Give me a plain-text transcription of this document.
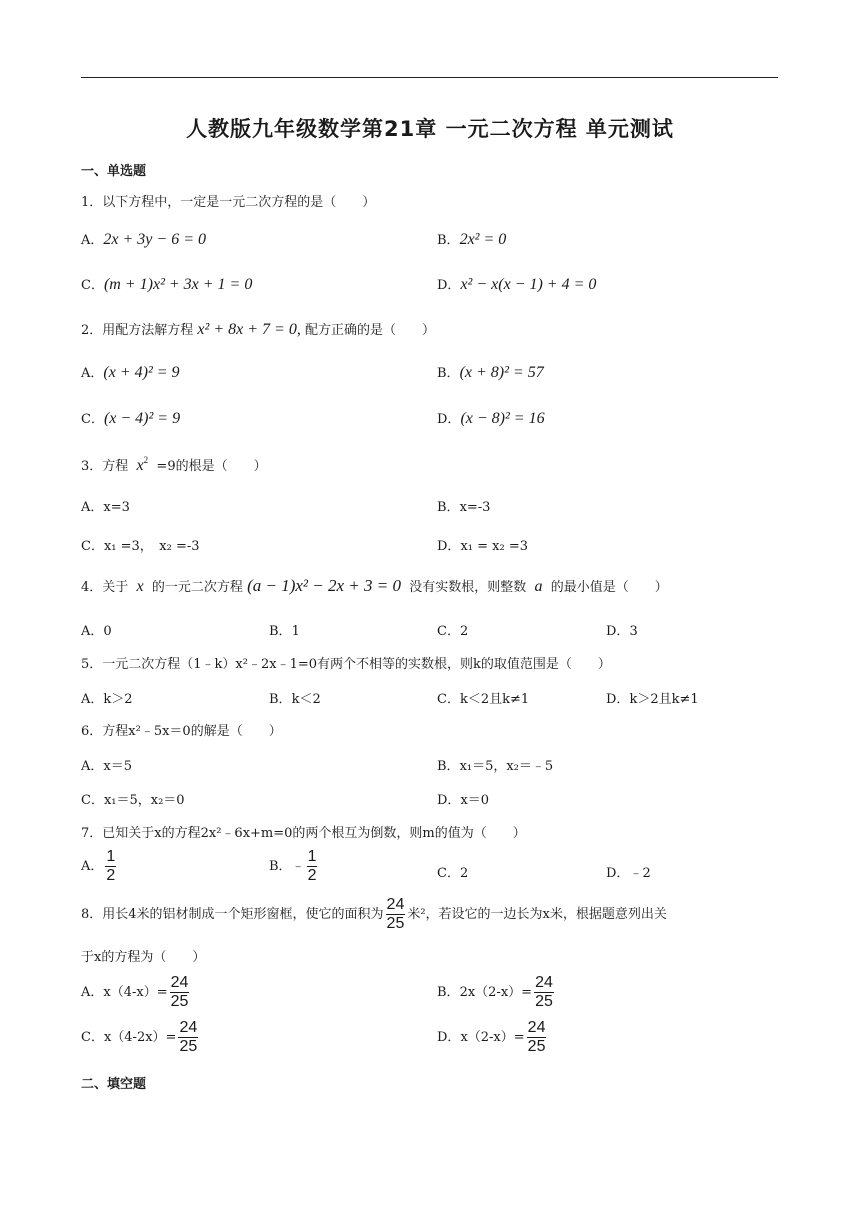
人教版九年级数学第21章 一元二次方程 单元测试
一、单选题
1．以下方程中，一定是一元二次方程的是（　　）
A．2x + 3y − 6 = 0	B．2x² = 0
C．(m + 1)x² + 3x + 1 = 0	D．x² − x(x − 1) + 4 = 0
2．用配方法解方程 x² + 8x + 7 = 0, 配方正确的是（　　）
A．(x + 4)² = 9	B．(x + 8)² = 57
C．(x − 4)² = 9	D．(x − 8)² = 16
3．方程 $x^2 =9$的根是（　　）
A．x=3	B．x=-3
C．x₁ =3，　x₂ =-3	D．x₁ = x₂ =3
4．关于 x 的一元二次方程 (a − 1)x² − 2x + 3 = 0 没有实数根，则整数 a 的最小值是（　　）
A．0	B．1	C．2	D．3
5．一元二次方程（1﹣k）x²﹣2x﹣1=0有两个不相等的实数根，则k的取值范围是（　　）
A．k＞2	B．k＜2	C．k＜2且k≠1	D．k＞2且k≠1
6．方程x²﹣5x＝0的解是（　　）
A．x＝5	B．x₁＝5，x₂＝﹣5
C．x₁＝5，x₂＝0	D．x＝0
7．已知关于x的方程2x²﹣6x+m=0的两个根互为倒数，则m的值为（　　）
A． $\frac{1}{2}$	B．﹣ $\frac{1}{2}$	C．2	D．﹣2
8．用长4米的铝材制成一个矩形窗框，使它的面积为 $\frac{24}{25}$ 米²，若设它的一边长为x米，根据题意列出关
于x的方程为（　　）
A．$x(4-x)= \frac{24}{25}$	B．$2x(2-x)= \frac{24}{25}$
C．$x(4-2x)= \frac{24}{25}$	D．$x(2-x)= \frac{24}{25}$
二、填空题
